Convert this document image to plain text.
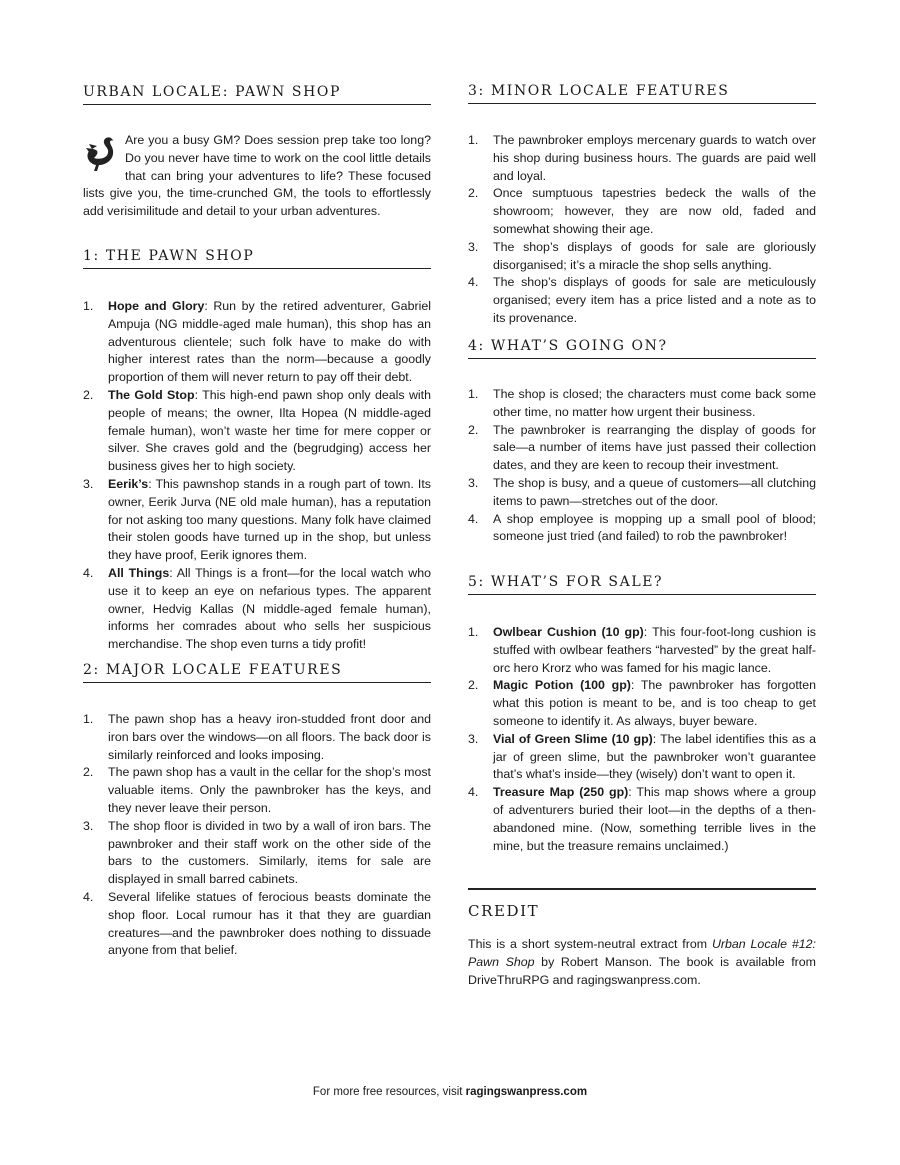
URBAN LOCALE: PAWN SHOP

Are you a busy GM? Does session prep take too long? Do you never have time to work on the cool little details that can bring your adventures to life? These focused lists give you, the time-crunched GM, the tools to effortlessly add verisimilitude and detail to your urban adventures.

1: THE PAWN SHOP
1. Hope and Glory: Run by the retired adventurer, Gabriel Ampuja (NG middle-aged male human), this shop has an adventurous clientele; such folk have to make do with higher interest rates than the norm—because a goodly proportion of them will never return to pay off their debt.
2. The Gold Stop: This high-end pawn shop only deals with people of means; the owner, Ilta Hopea (N middle-aged female human), won’t waste her time for mere copper or silver. She craves gold and the (begrudging) access her business gives her to high society.
3. Eerik’s: This pawnshop stands in a rough part of town. Its owner, Eerik Jurva (NE old male human), has a reputation for not asking too many questions. Many folk have claimed their stolen goods have turned up in the shop, but unless they have proof, Eerik ignores them.
4. All Things: All Things is a front—for the local watch who use it to keep an eye on nefarious types. The apparent owner, Hedvig Kallas (N middle-aged female human), informs her comrades about who sells her suspicious merchandise. The shop even turns a tidy profit!
2: MAJOR LOCALE FEATURES
1. The pawn shop has a heavy iron-studded front door and iron bars over the windows—on all floors. The back door is similarly reinforced and looks imposing.
2. The pawn shop has a vault in the cellar for the shop’s most valuable items. Only the pawnbroker has the keys, and they never leave their person.
3. The shop floor is divided in two by a wall of iron bars. The pawnbroker and their staff work on the other side of the bars to the customers. Similarly, items for sale are displayed in small barred cabinets.
4. Several lifelike statues of ferocious beasts dominate the shop floor. Local rumour has it that they are guardian creatures—and the pawnbroker does nothing to dissuade anyone from that belief.
3: MINOR LOCALE FEATURES
1. The pawnbroker employs mercenary guards to watch over his shop during business hours. The guards are paid well and loyal.
2. Once sumptuous tapestries bedeck the walls of the showroom; however, they are now old, faded and somewhat showing their age.
3. The shop’s displays of goods for sale are gloriously disorganised; it’s a miracle the shop sells anything.
4. The shop’s displays of goods for sale are meticulously organised; every item has a price listed and a note as to its provenance.
4: WHAT’S GOING ON?
1. The shop is closed; the characters must come back some other time, no matter how urgent their business.
2. The pawnbroker is rearranging the display of goods for sale—a number of items have just passed their collection dates, and they are keen to recoup their investment.
3. The shop is busy, and a queue of customers—all clutching items to pawn—stretches out of the door.
4. A shop employee is mopping up a small pool of blood; someone just tried (and failed) to rob the pawnbroker!
5: WHAT’S FOR SALE?
1. Owlbear Cushion (10 gp): This four-foot-long cushion is stuffed with owlbear feathers “harvested” by the great half-orc hero Krorz who was famed for his magic lance.
2. Magic Potion (100 gp): The pawnbroker has forgotten what this potion is meant to be, and is too cheap to get someone to identify it. As always, buyer beware.
3. Vial of Green Slime (10 gp): The label identifies this as a jar of green slime, but the pawnbroker won’t guarantee that’s what’s inside—they (wisely) don’t want to open it.
4. Treasure Map (250 gp): This map shows where a group of adventurers buried their loot—in the depths of a then-abandoned mine. (Now, something terrible lives in the mine, but the treasure remains unclaimed.)
CREDIT

This is a short system-neutral extract from Urban Locale #12: Pawn Shop by Robert Manson. The book is available from DriveThruRPG and ragingswanpress.com.

For more free resources, visit ragingswanpress.com
